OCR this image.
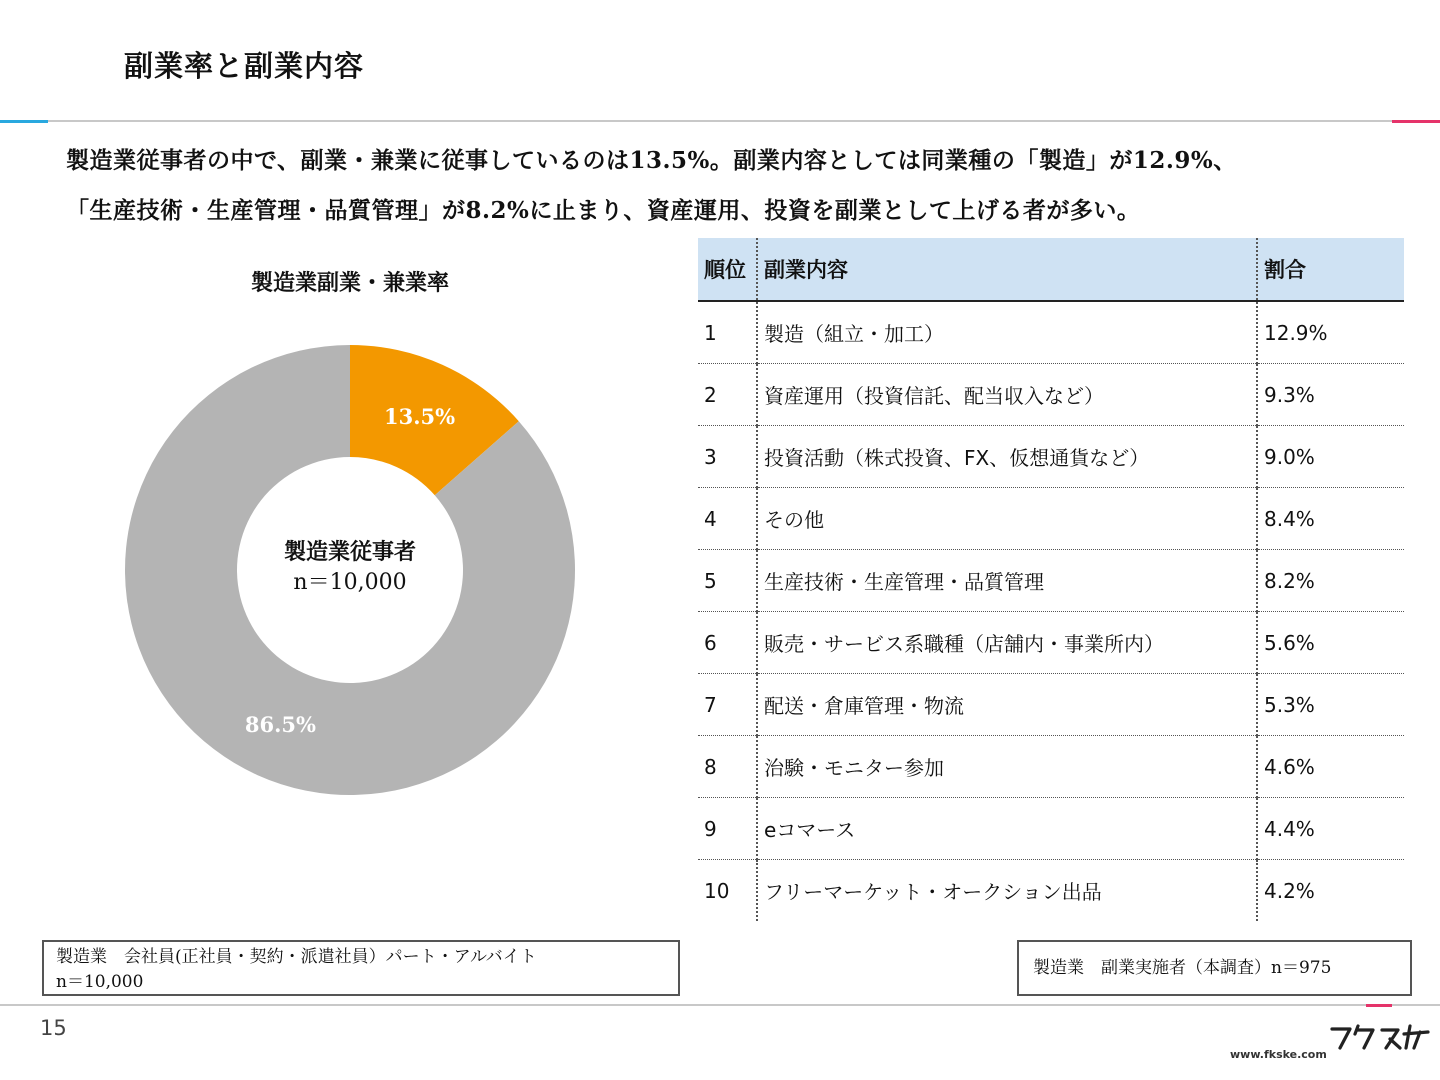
副業率と副業内容
製造業従事者の中で、副業・兼業に従事しているのは13.5%。副業内容としては同業種の「製造」が12.9%、
「生産技術・生産管理・品質管理」が8.2%に止まり、資産運用、投資を副業として上げる者が多い。
製造業副業・兼業率
13.5%
86.5%
製造業従事者
n＝10,000
順位	副業内容	割合
1	製造（組立・加工）	12.9%
2	資産運用（投資信託、配当収入など）	9.3%
3	投資活動（株式投資、FX、仮想通貨など）	9.0%
4	その他	8.4%
5	生産技術・生産管理・品質管理	8.2%
6	販売・サービス系職種（店舗内・事業所内）	5.6%
7	配送・倉庫管理・物流	5.3%
8	治験・モニター参加	4.6%
9	eコマース	4.4%
10	フリーマーケット・オークション出品	4.2%
製造業　会社員(正社員・契約・派遣社員）パート・アルバイト
n＝10,000
製造業　副業実施者（本調査）n＝975
15
www.fkske.com
